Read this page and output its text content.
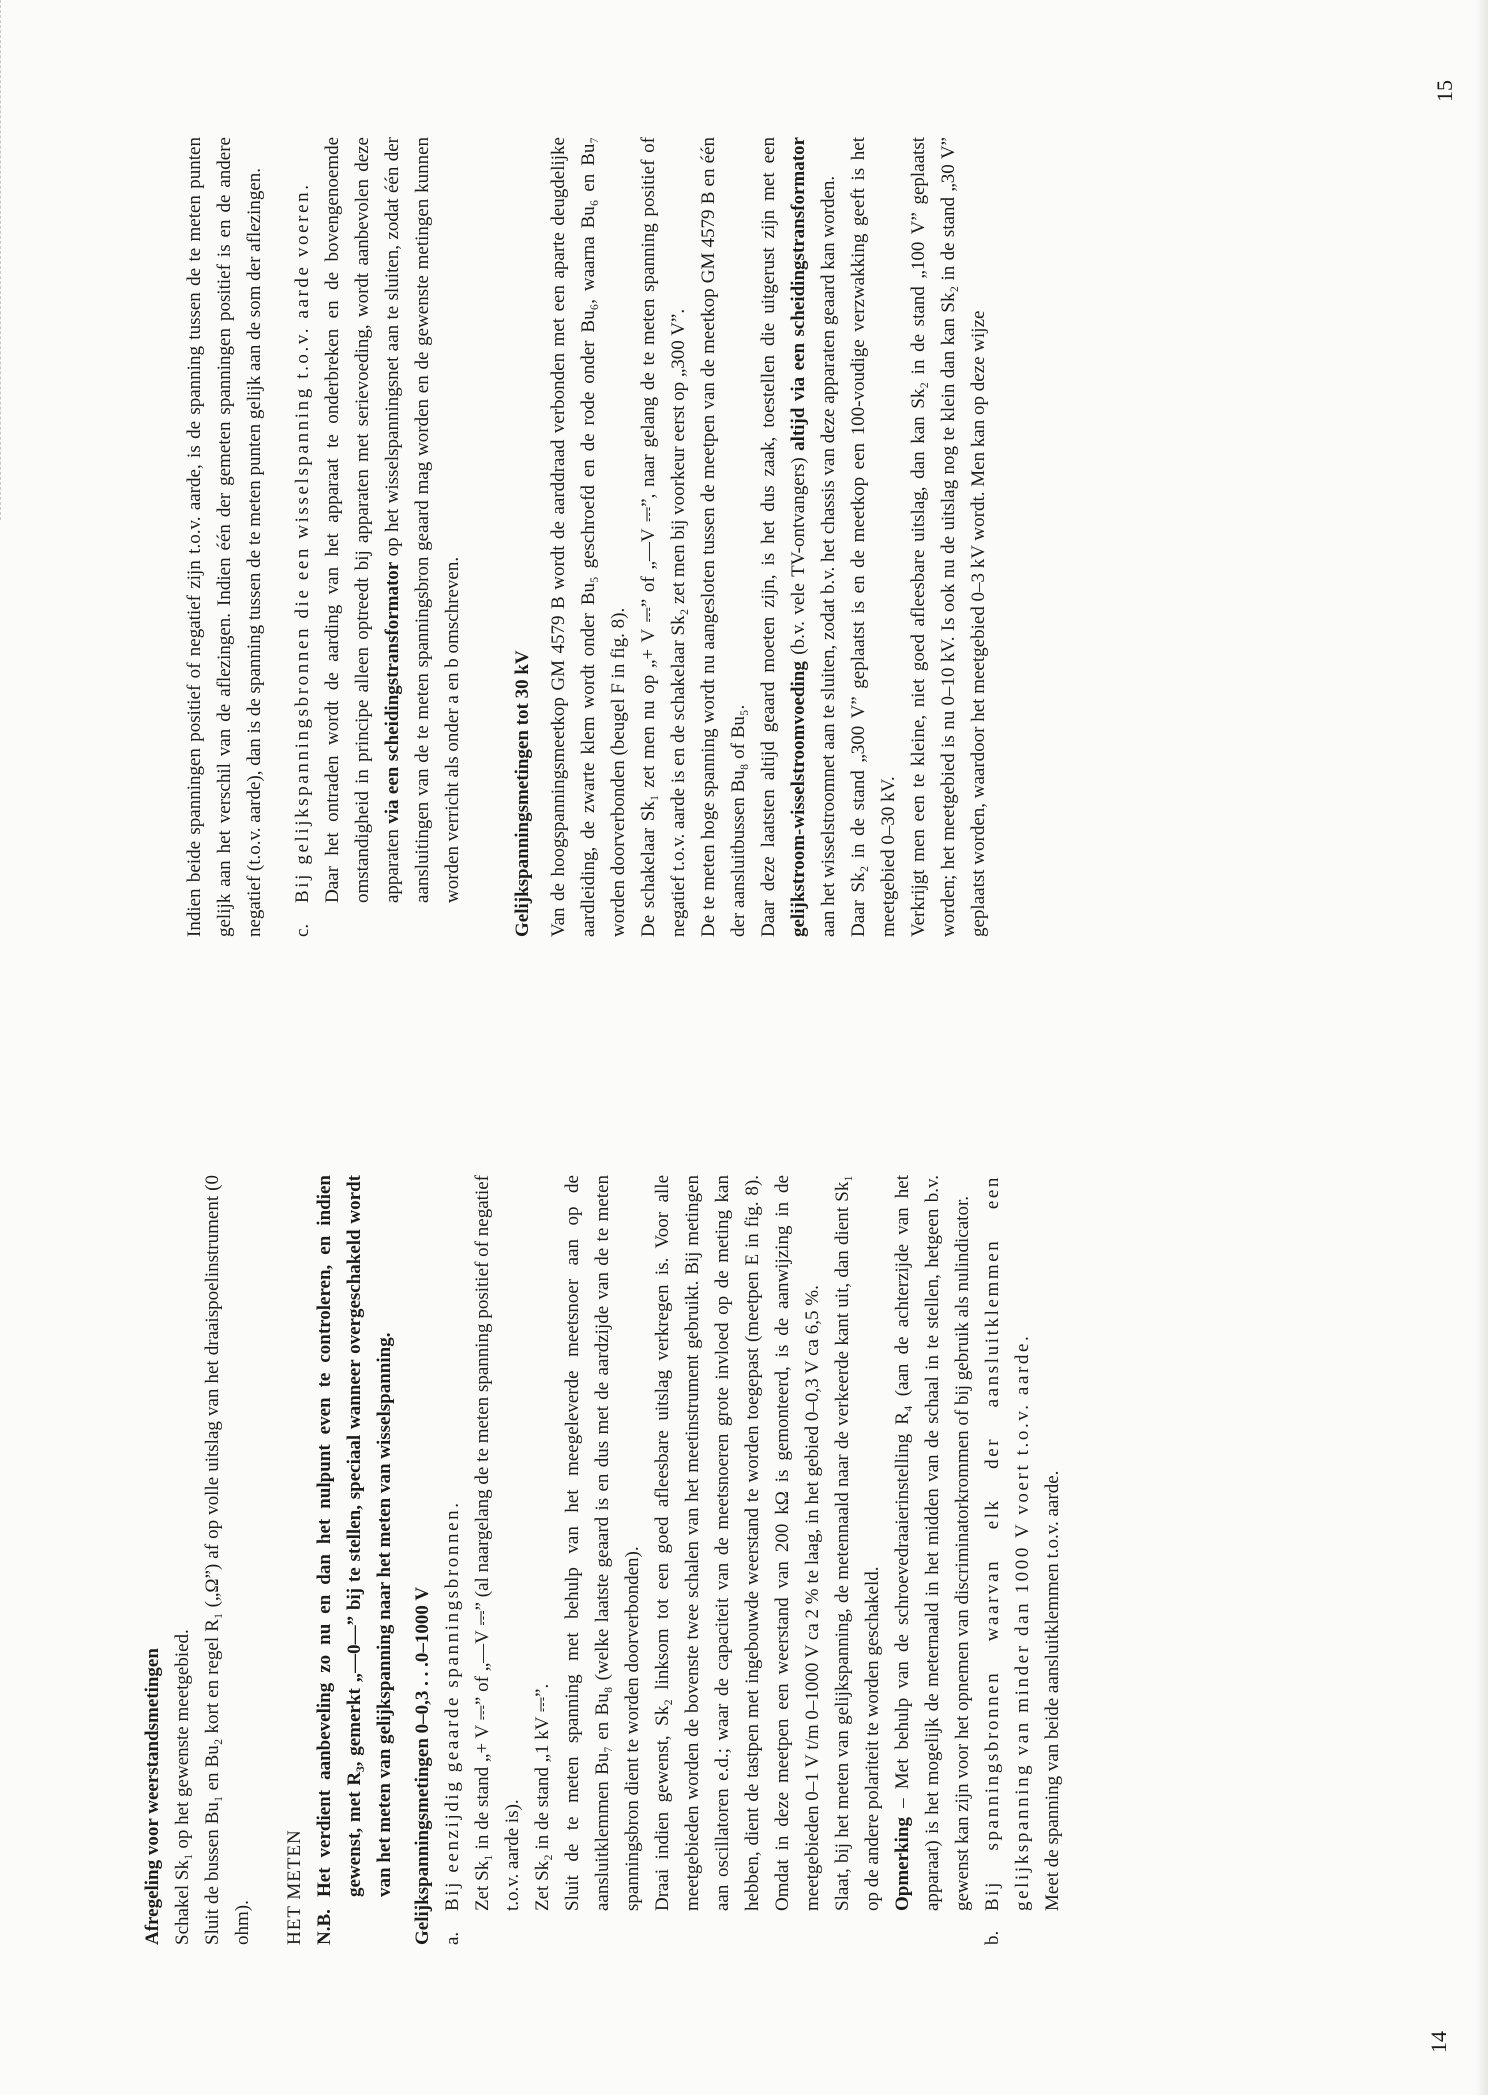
Afregeling voor weerstandsmetingen Schakel Sk₁ op het gewenste meetgebied. Sluit de bussen Bu₁ en Bu₂ kort en regel R₁ („Ω”) af op volle uitslag van het draaispoelinstrument (0 ohm). HET METEN N.B.

Het verdient aanbeveling zo nu en dan het nulpunt even te controleren, en indien gewenst, met R₃, gemerkt „—0—” bij te stellen, speciaal wanneer overgeschakeld wordt van het meten van gelijkspanning naar het meten van wisselspanning. Gelijkspanningsmetingen 0–0,3 . . .0–1000 V a.

Bij eenzijdig geaarde spanningsbronnen. Zet Sk₁ in de stand „+ V ⎓” of „—V ⎓” (al naargelang de te meten spanning positief of negatief t.o.v. aarde is). Zet Sk₂ in de stand „1 kV ⎓”. Sluit de te meten spanning met behulp van het meegeleverde meetsnoer aan op de aansluitklemmen Bu₇ en Bu₈ (welke laatste geaard is en dus met de aardzijde van de te meten spanningsbron dient te worden doorverbonden). Draai indien gewenst, Sk₂ linksom tot een goed afleesbare uitslag verkregen is. Voor alle meetgebieden worden de bovenste twee schalen van het meetinstrument gebruikt. Bij metingen aan oscillatoren e.d.; waar de capaciteit van de meetsnoeren grote invloed op de meting kan hebben, dient de tastpen met ingebouwde weerstand te worden toegepast (meetpen E in fig. 8). Omdat in deze meetpen een weerstand van 200 kΩ is gemonteerd, is de aanwijzing in de meetgebieden 0–1 V t/m 0–1000 V ca 2 % te laag, in het gebied 0–0,3 V ca 6,5 %. Slaat, bij het meten van gelijkspanning, de metennaald naar de verkeerde kant uit, dan dient Sk₁ op de andere polariteit te worden geschakeld. Opmerking – Met behulp van de schroevedraaierinstelling R₄ (aan de achterzijde van het apparaat) is het mogelijk de meternaald in het midden van de schaal in te stellen, hetgeen b.v. gewenst kan zijn voor het opnemen van discriminatorkrommen of bij gebruik als nulindicator.

b.

Bij spanningsbronnen waarvan elk der aansluitklemmen een gelijkspanning van minder dan 1000 V voert t.o.v. aarde. Meet de spanning van beide aansluitklemmen t.o.v. aarde.

14

Indien beide spanningen positief of negatief zijn t.o.v. aarde, is de spanning tussen de te meten punten gelijk aan het verschil van de aflezingen. Indien één der gemeten spanningen positief is en de andere negatief (t.o.v. aarde), dan is de spanning tussen de te meten punten gelijk aan de som der aflezingen. c.

Bij gelijkspanningsbronnen die een wisselspanning t.o.v. aarde voeren. Daar het ontraden wordt de aarding van het apparaat te onderbreken en de bovengenoemde omstandigheid in principe alleen optreedt bij apparaten met serievoeding, wordt aanbevolen deze apparaten via een scheidingstransformator op het wisselspanningsnet aan te sluiten, zodat één der aansluitingen van de te meten spanningsbron geaard mag worden en de gewenste metingen kunnen worden verricht als onder a en b omschreven.	Gelijkspanningsmetingen tot 30 kV Van de hoogspanningsmeetkop GM 4579 B wordt de aarddraad verbonden met een aparte deugdelijke aardleiding, de zwarte klem wordt onder Bu₅ geschroefd en de rode onder Bu₆, waarna Bu₆ en Bu₇ worden doorverbonden (beugel F in fig. 8). De schakelaar Sk₁ zet men nu op „+ V ⎓” of „—V ⎓”, naar gelang de te meten spanning positief of negatief t.o.v. aarde is en de schakelaar Sk₂ zet men bij voorkeur eerst op „300 V”. De te meten hoge spanning wordt nu aangesloten tussen de meetpen van de meetkop GM 4579 B en één der aansluitbussen Bu₈ of Bu₅. Daar deze laatsten altijd geaard moeten zijn, is het dus zaak, toestellen die uitgerust zijn met een gelijkstroom-wisselstroomvoeding (b.v. vele TV-ontvangers) altijd via een scheidingstransformator aan het wisselstroomnet aan te sluiten, zodat b.v. het chassis van deze apparaten geaard kan worden. Daar Sk₂ in de stand „300 V” geplaatst is en de meetkop een 100-voudige verzwakking geeft is het meetgebied 0–30 kV. Verkrijgt men een te kleine, niet goed afleesbare uitslag, dan kan Sk₂ in de stand „100 V” geplaatst worden; het meetgebied is nu 0–10 kV. Is ook nu de uitslag nog te klein dan kan Sk₂ in de stand „30 V” geplaatst worden, waardoor het meetgebied 0–3 kV wordt. Men kan op deze wijze

15
